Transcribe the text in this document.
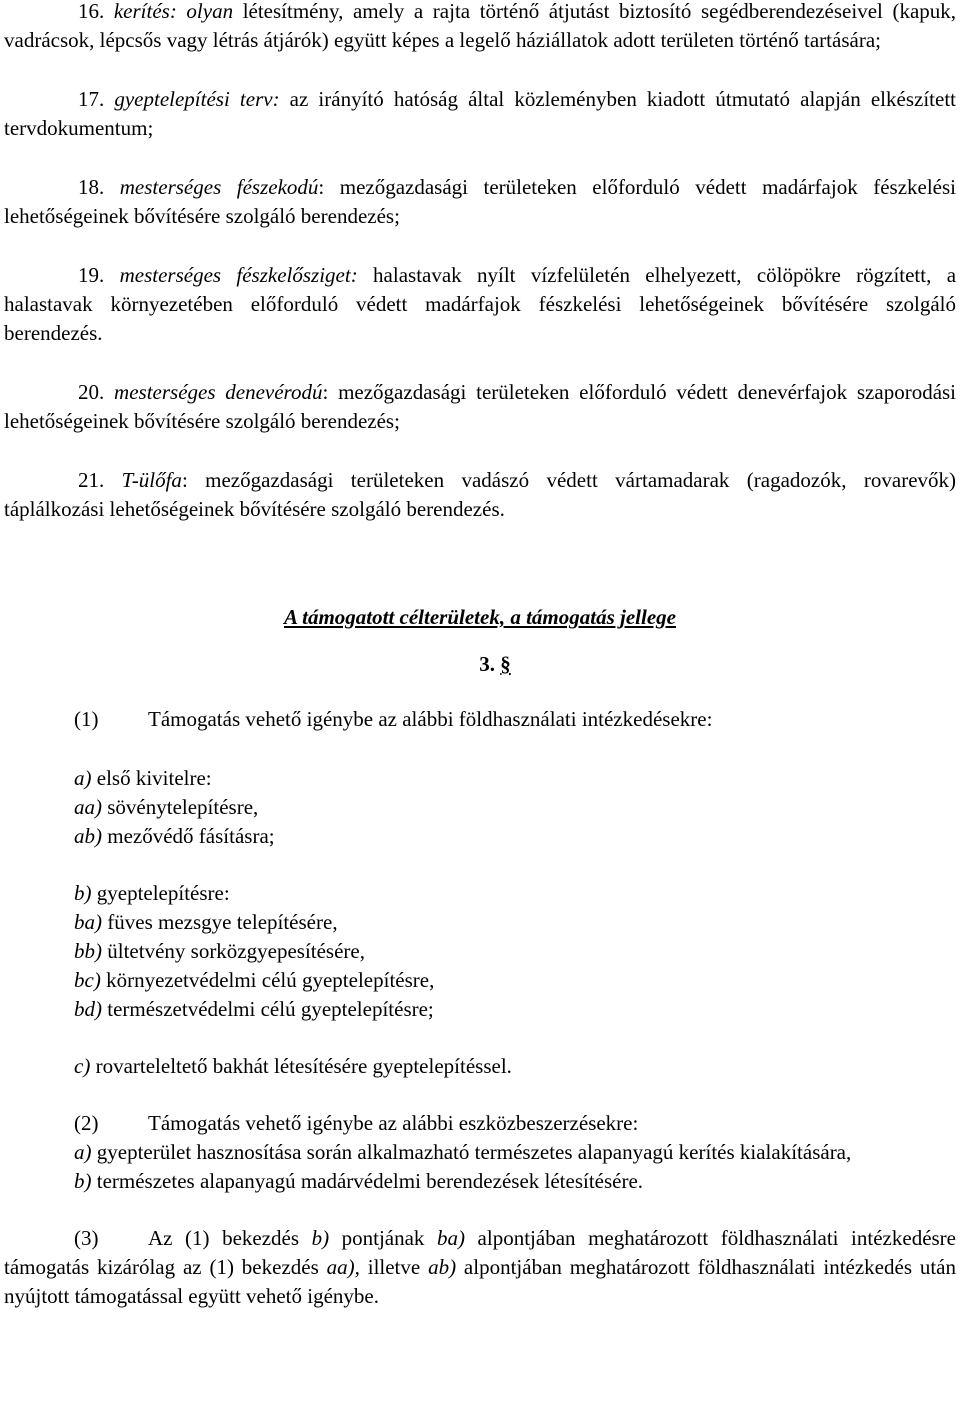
16. kerítés: olyan létesítmény, amely a rajta történő átjutást biztosító segédberendezéseivel (kapuk, vadrácsok, lépcsős vagy létrás átjárók) együtt képes a legelő háziállatok adott területen történő tartására;

17. gyeptelepítési terv: az irányító hatóság által közleményben kiadott útmutató alapján elkészített tervdokumentum;

18. mesterséges fészekodú: mezőgazdasági területeken előforduló védett madárfajok fészkelési lehetőségeinek bővítésére szolgáló berendezés;

19. mesterséges fészkelősziget: halastavak nyílt vízfelületén elhelyezett, cölöpökre rögzített, a halastavak környezetében előforduló védett madárfajok fészkelési lehetőségeinek bővítésére szolgáló berendezés.

20. mesterséges denevérodú: mezőgazdasági területeken előforduló védett denevérfajok szaporodási lehetőségeinek bővítésére szolgáló berendezés;

21. T-ülőfa: mezőgazdasági területeken vadászó védett vártamadarak (ragadozók, rovarevők) táplálkozási lehetőségeinek bővítésére szolgáló berendezés.

A támogatott célterületek, a támogatás jellege

3. §

(1) Támogatás vehető igénybe az alábbi földhasználati intézkedésekre:

a) első kivitelre:
aa) sövénytelepítésre,
ab) mezővédő fásításra;
b) gyeptelepítésre:
ba) füves mezsgye telepítésére,
bb) ültetvény sorközgyepesítésére,
bc) környezetvédelmi célú gyeptelepítésre,
bd) természetvédelmi célú gyeptelepítésre;
c) rovarteleltető bakhát létesítésére gyeptelepítéssel.

(2) Támogatás vehető igénybe az alábbi eszközbeszerzésekre:

a) gyepterület hasznosítása során alkalmazható természetes alapanyagú kerítés kialakítására,

b) természetes alapanyagú madárvédelmi berendezések létesítésére.

(3) Az (1) bekezdés b) pontjának ba) alpontjában meghatározott földhasználati intézkedésre támogatás kizárólag az (1) bekezdés aa), illetve ab) alpontjában meghatározott földhasználati intézkedés után nyújtott támogatással együtt vehető igénybe.
